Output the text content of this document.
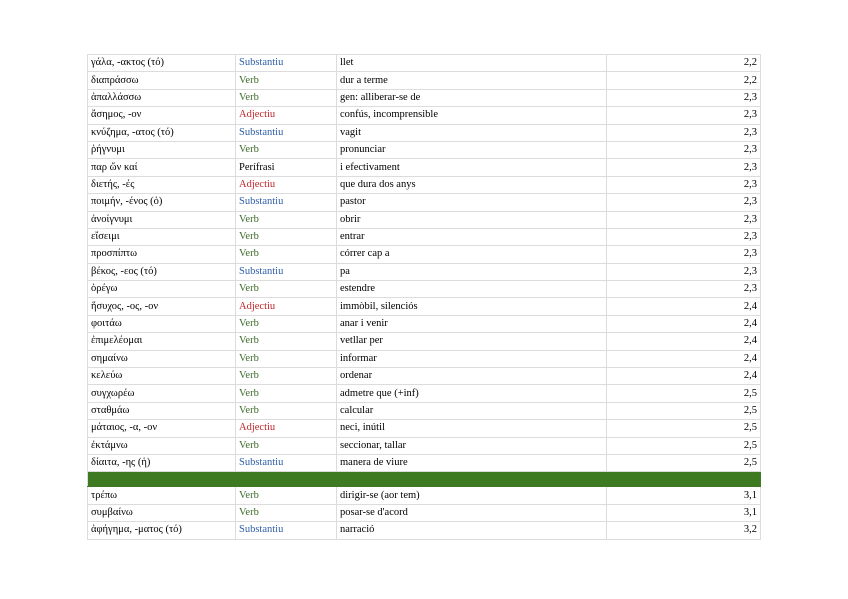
γάλα, -ακτος (τό)	Substantiu	llet	2,2
διαπράσσω	Verb	dur a terme	2,2
ἀπαλλάσσω	Verb	gen: alliberar-se de	2,3
ἄσημος, -ον	Adjectiu	confús, incomprensible	2,3
κνύζημα, -ατος (τό)	Substantiu	vagit	2,3
ῥήγνυμι	Verb	pronunciar	2,3
παρ ὤν καί	Perífrasi	i efectivament	2,3
διετής, -ές	Adjectiu	que dura dos anys	2,3
ποιμήν, -ένος (ὁ)	Substantiu	pastor	2,3
ἀνοίγνυμι	Verb	obrir	2,3
εἴσειμι	Verb	entrar	2,3
προσπίπτω	Verb	córrer cap a	2,3
βέκος, -εος (τό)	Substantiu	pa	2,3
ὀρέγω	Verb	estendre	2,3
ἥσυχος, -ος, -ον	Adjectiu	immòbil, silenciós	2,4
φοιτάω	Verb	anar i venir	2,4
ἐπιμελέομαι	Verb	vetllar per	2,4
σημαίνω	Verb	informar	2,4
κελεύω	Verb	ordenar	2,4
συγχωρέω	Verb	admetre que (+inf)	2,5
σταθμάω	Verb	calcular	2,5
μάταιος, -α, -ον	Adjectiu	neci, inútil	2,5
ἐκτάμνω	Verb	seccionar, tallar	2,5
δίαιτα, -ης (ἡ)	Substantiu	manera de viure	2,5

τρέπω	Verb	dirigir-se (aor tem)	3,1
συμβαίνω	Verb	posar-se d'acord	3,1
ἀφήγημα, -ματος (τό)	Substantiu	narració	3,2
